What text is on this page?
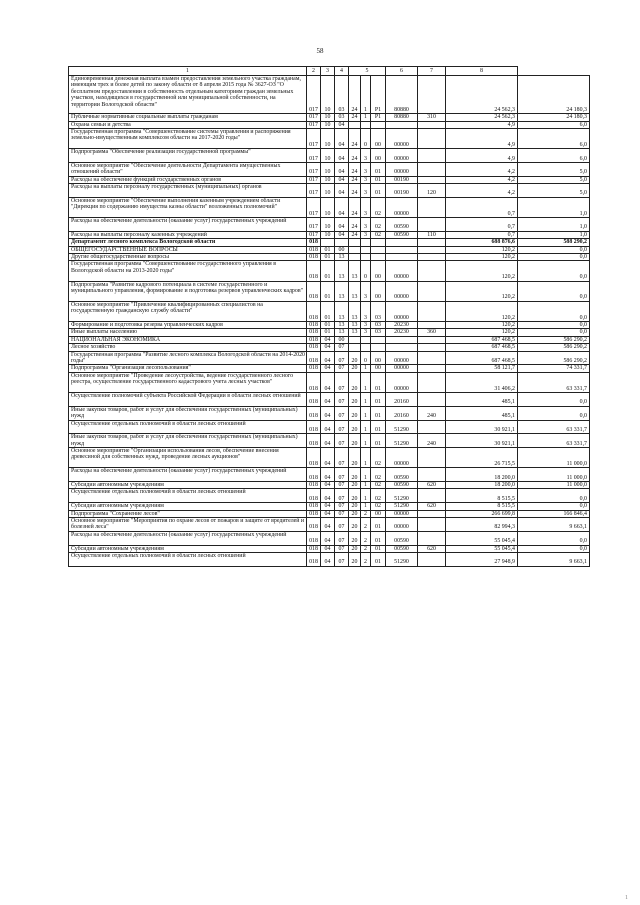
58
1	2	3	4	5			6	7	8	
Единовременная денежная выплата взамен предоставления земельного участка гражданам, имеющим трех и более детей по закону области от 8 апреля 2015 года № 3627-ОЗ "О бесплатном предоставлении в собственность отдельным категориям граждан земельных участков, находящихся в государственной или муниципальной собственности, на территории Вологодской области"	017	10	03	24	1	P1	80880		24 562,3	24 180,3
Публичные нормативные социальные выплаты гражданам	017	10	03	24	1	P1	80880	310	24 562,3	24 180,3
Охрана семьи и детства	017	10	04						4,9	6,0
Государственная программа "Совершенствование системы управления и распоряжения земельно-имущественным комплексом области на 2017-2020 годы"	017	10	04	24	0	00	00000		4,9	6,0
Подпрограмма "Обеспечение реализации государственной программы"	017	10	04	24	3	00	00000		4,9	6,0
Основное мероприятие "Обеспечение деятельности Департамента имущественных отношений области"	017	10	04	24	3	01	00000		4,2	5,0
Расходы на обеспечение функций государственных органов	017	10	04	24	3	01	00190		4,2	5,0
Расходы на выплаты персоналу государственных (муниципальных) органов	017	10	04	24	3	01	00190	120	4,2	5,0
Основное мероприятие "Обеспечение выполнения казенным учреждением области "Дирекция по содержанию имущества казны области" возложенных полномочий"	017	10	04	24	3	02	00000		0,7	1,0
Расходы на обеспечение деятельности (оказание услуг) государственных учреждений	017	10	04	24	3	02	00590		0,7	1,0
Расходы на выплаты персоналу казенных учреждений	017	10	04	24	3	02	00590	110	0,7	1,0
Департамент лесного комплекса Вологодской области	018								688 876,6	588 290,2
ОБЩЕГОСУДАРСТВЕННЫЕ ВОПРОСЫ	018	01	00						120,2	0,0
Другие общегосударственные вопросы	018	01	13						120,2	0,0
Государственная программа "Совершенствование государственного управления в Вологодской области на 2013-2020 годы"	018	01	13	13	0	00	00000		120,2	0,0
Подпрограмма "Развитие кадрового потенциала в системе государственного и муниципального управления, формирование и подготовка резервов управленческих кадров"	018	01	13	13	3	00	00000		120,2	0,0
Основное мероприятие "Привлечение квалифицированных специалистов на государственную гражданскую службу области"	018	01	13	13	3	03	00000		120,2	0,0
Формирование и подготовка резерва управленческих кадров	018	01	13	13	3	03	20230		120,2	0,0
Иные выплаты населению	018	01	13	13	3	03	20230	360	120,2	0,0
НАЦИОНАЛЬНАЯ ЭКОНОМИКА	018	04	00						687 468,5	586 290,2
Лесное хозяйство	018	04	07						687 468,5	586 290,2
Государственная программа "Развитие лесного комплекса Вологодской области на 2014-2020 годы"	018	04	07	20	0	00	00000		687 468,5	586 290,2
Подпрограмма "Организация лесопользования"	018	04	07	20	1	00	00000		58 121,7	74 331,7
Основное мероприятие "Проведение лесоустройства, ведение государственного лесного реестра, осуществление государственного кадастрового учета лесных участков"	018	04	07	20	1	01	00000		31 406,2	63 331,7
Осуществление полномочий субъекта Российской Федерации в области лесных отношений	018	04	07	20	1	01	20160		485,1	0,0
Иные закупки товаров, работ и услуг для обеспечения государственных (муниципальных) нужд	018	04	07	20	1	01	20160	240	485,1	0,0
Осуществление отдельных полномочий в области лесных отношений	018	04	07	20	1	01	51290		30 921,1	63 331,7
Иные закупки товаров, работ и услуг для обеспечения государственных (муниципальных) нужд	018	04	07	20	1	01	51290	240	30 921,1	63 331,7
Основное мероприятие "Организация использования лесов, обеспечение внесения древесиной для собственных нужд, проведение лесных аукционов"	018	04	07	20	1	02	00000		26 715,5	11 000,0
Расходы на обеспечение деятельности (оказание услуг) государственных учреждений	018	04	07	20	1	02	00590		18 200,0	11 000,0
Субсидии автономным учреждениям	018	04	07	20	1	02	00590	620	18 200,0	11 000,0
Осуществление отдельных полномочий в области лесных отношений	018	04	07	20	1	02	51290		8 515,5	0,0
Субсидии автономным учреждениям	018	04	07	20	1	02	51290	620	8 515,5	0,0
Подпрограмма "Сохранение лесов"	018	04	07	20	2	00	00000		266 699,8	166 846,4
Основное мероприятие "Мероприятия по охране лесов от пожаров и защите от вредителей и болезней леса"	018	04	07	20	2	01	00000		82 994,3	9 663,1
Расходы на обеспечение деятельности (оказание услуг) государственных учреждений	018	04	07	20	2	01	00590		55 045,4	0,0
Субсидии автономным учреждениям	018	04	07	20	2	01	00590	620	55 045,4	0,0
Осуществление отдельных полномочий в области лесных отношений	018	04	07	20	2	01	51290		27 948,9	9 663,1
1
